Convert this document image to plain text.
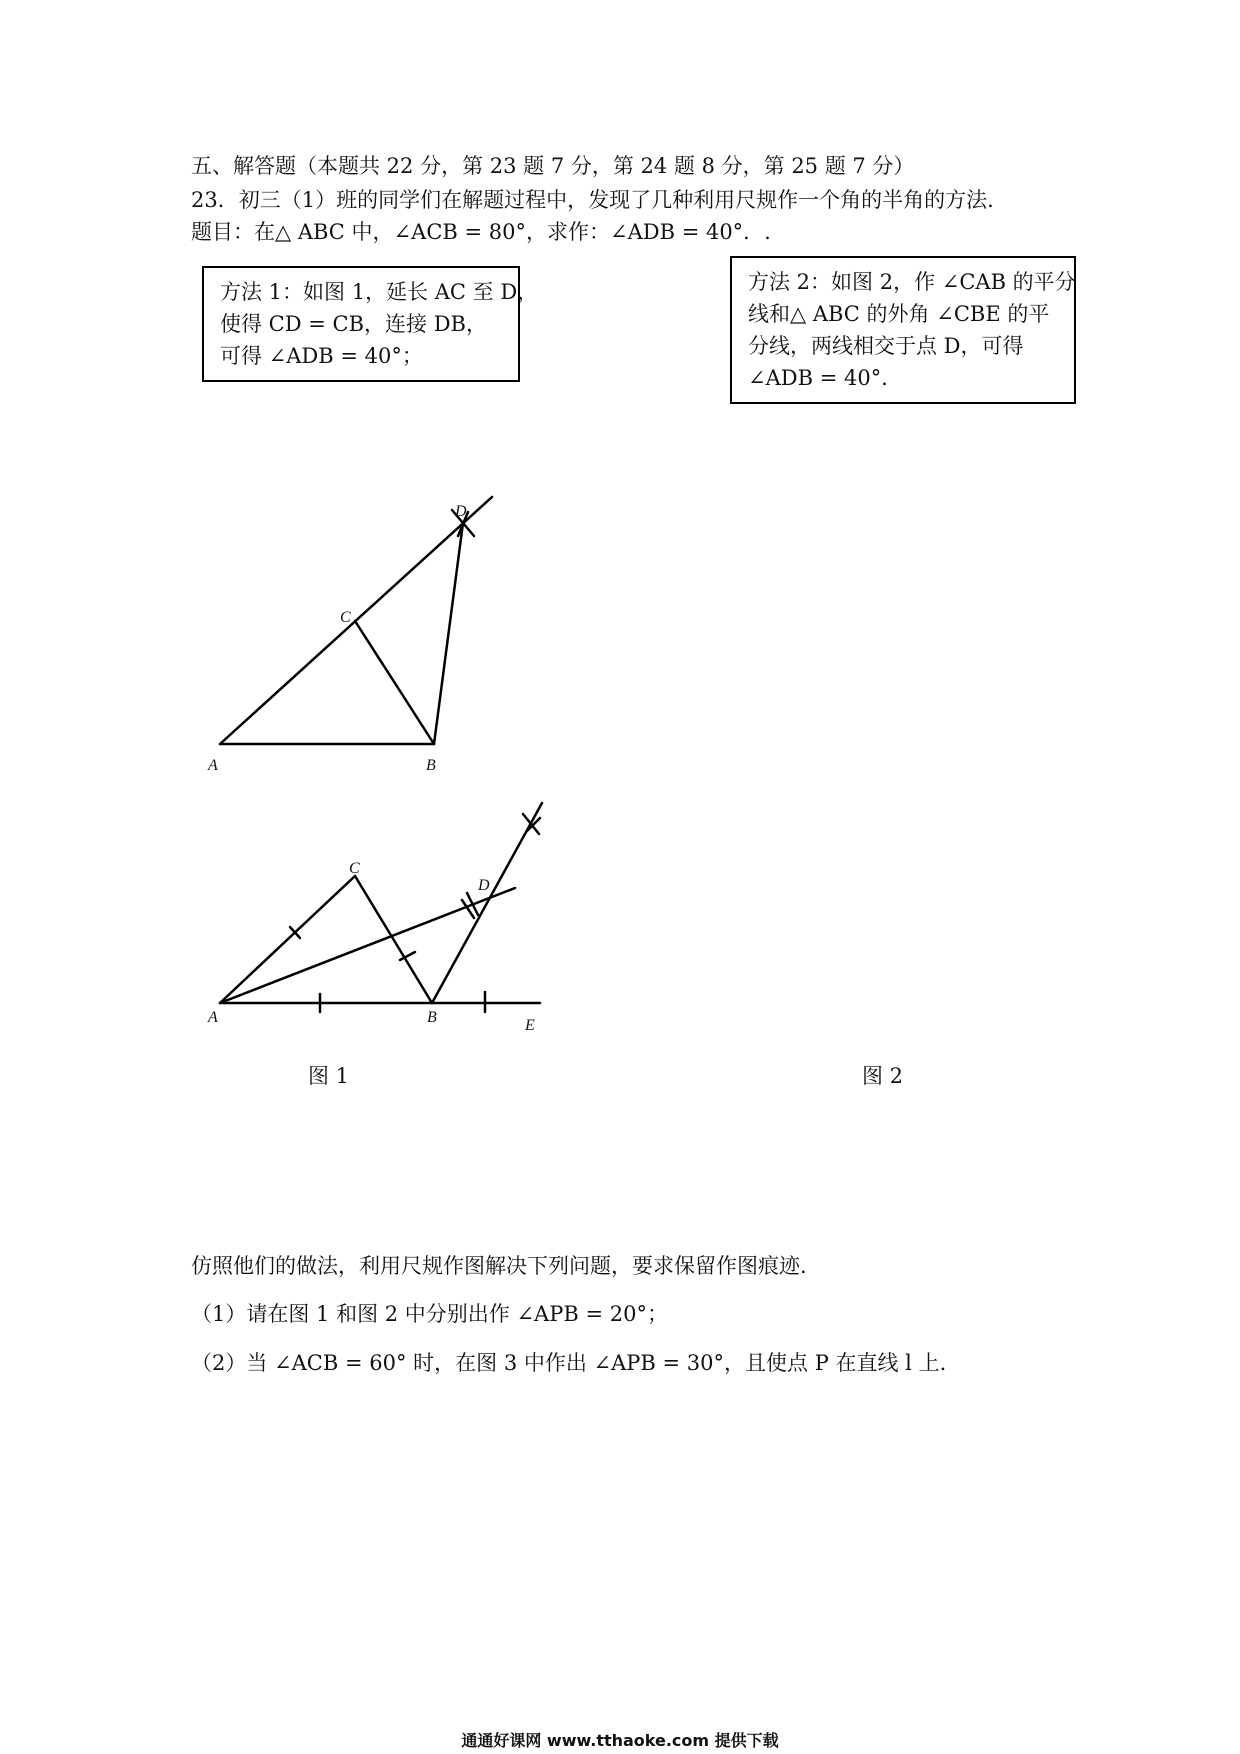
五、解答题（本题共 22 分，第 23 题 7 分，第 24 题 8 分，第 25 题 7 分）
23．初三（1）班的同学们在解题过程中，发现了几种利用尺规作一个角的半角的方法.
题目：在△ ABC 中，∠ACB = 80°，求作：∠ADB = 40°．.
方法 1：如图 1，延长 AC 至 D，
使得 CD = CB，连接 DB，
可得 ∠ADB = 40°；
方法 2：如图 2，作 ∠CAB 的平分
线和△ ABC 的外角 ∠CBE 的平
分线，两线相交于点 D，可得
∠ADB = 40°．
A	B
C
D
A	B
C
D
E
图 1	图 2
仿照他们的做法，利用尺规作图解决下列问题，要求保留作图痕迹.
（1）请在图 1 和图 2 中分别出作 ∠APB = 20°；
（2）当 ∠ACB = 60° 时，在图 3 中作出 ∠APB = 30°，且使点 P 在直线 l 上.
通通好课网 www.tthaoke.com 提供下载
